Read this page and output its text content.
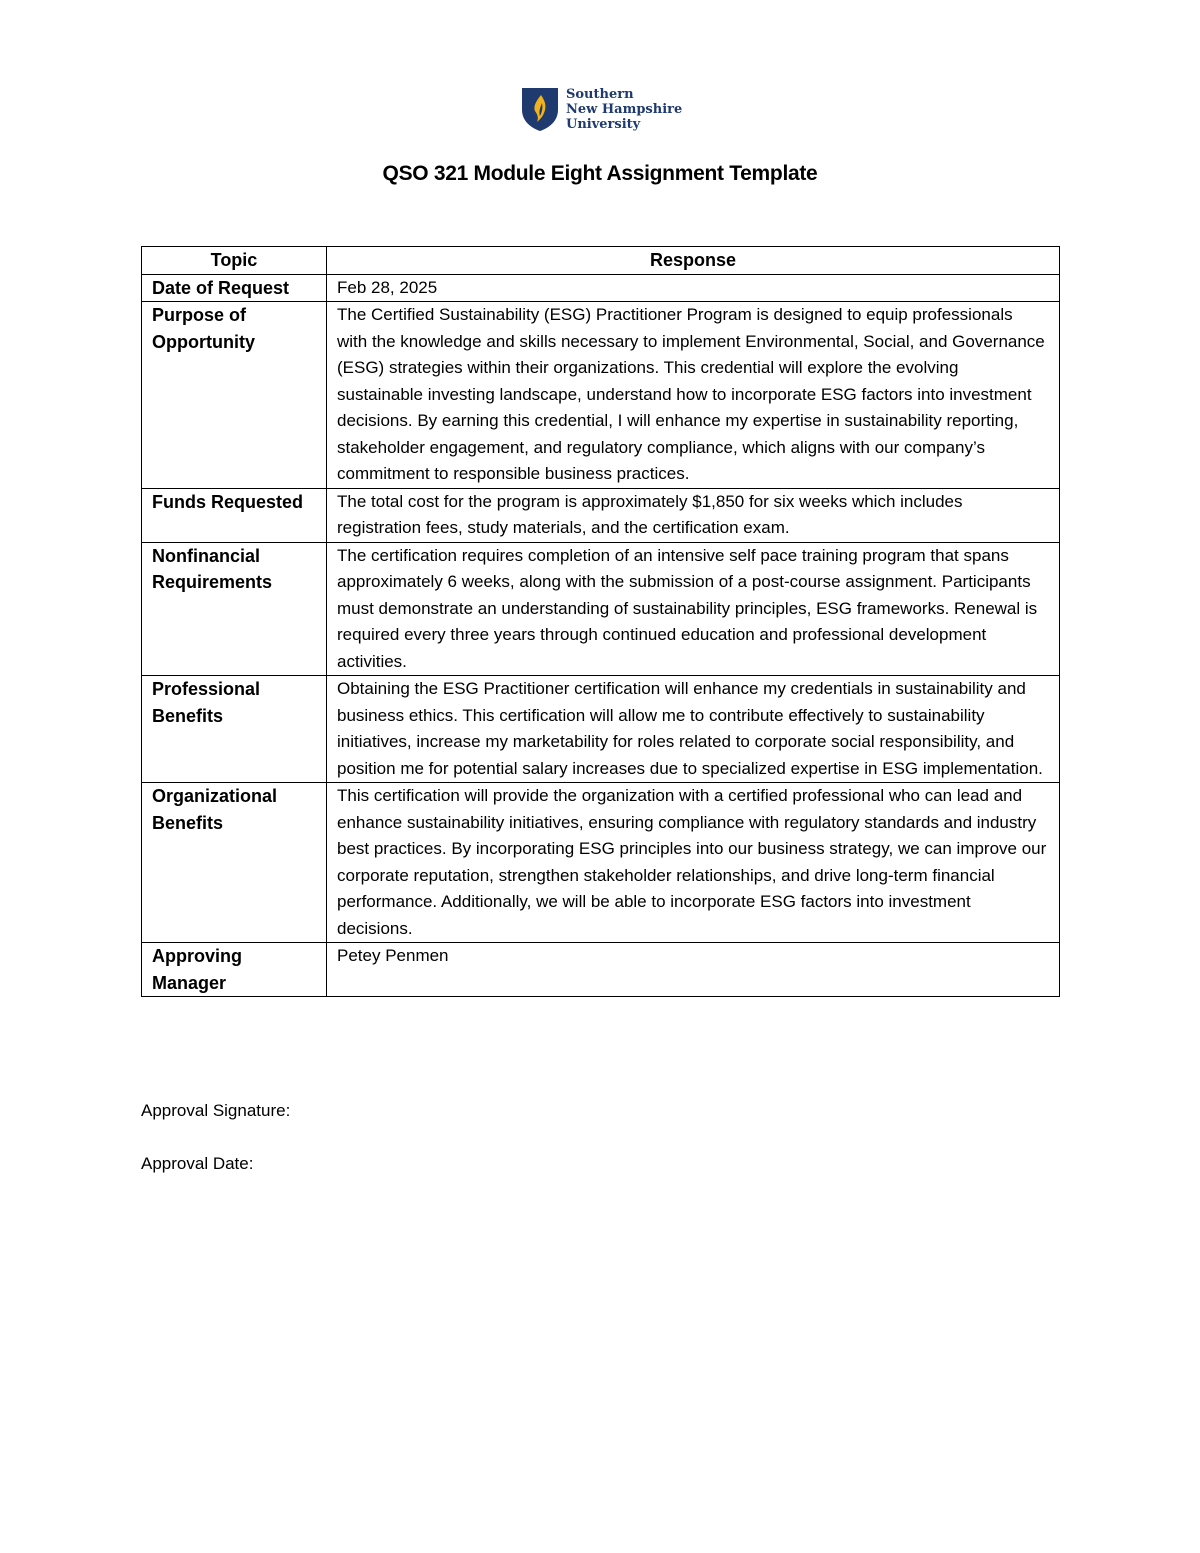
Southern
New Hampshire
University
QSO 321 Module Eight Assignment Template
Topic	Response
Date of Request	Feb 28, 2025
Purpose of Opportunity	The Certified Sustainability (ESG) Practitioner Program is designed to equip professionals with the knowledge and skills necessary to implement Environmental, Social, and Governance (ESG) strategies within their organizations. This credential will explore the evolving sustainable investing landscape, understand how to incorporate ESG factors into investment decisions. By earning this credential, I will enhance my expertise in sustainability reporting, stakeholder engagement, and regulatory compliance, which aligns with our company’s commitment to responsible business practices.
Funds Requested	The total cost for the program is approximately $1,850 for six weeks which includes registration fees, study materials, and the certification exam.
Nonfinancial Requirements	The certification requires completion of an intensive self pace training program that spans approximately 6 weeks, along with the submission of a post-course assignment. Participants must demonstrate an understanding of sustainability principles, ESG frameworks. Renewal is required every three years through continued education and professional development activities.
Professional Benefits	Obtaining the ESG Practitioner certification will enhance my credentials in sustainability and business ethics. This certification will allow me to contribute effectively to sustainability initiatives, increase my marketability for roles related to corporate social responsibility, and position me for potential salary increases due to specialized expertise in ESG implementation.
Organizational Benefits	This certification will provide the organization with a certified professional who can lead and enhance sustainability initiatives, ensuring compliance with regulatory standards and industry best practices. By incorporating ESG principles into our business strategy, we can improve our corporate reputation, strengthen stakeholder relationships, and drive long-term financial performance. Additionally, we will be able to incorporate ESG factors into investment decisions.
Approving Manager	Petey Penmen
Approval Signature:
Approval Date:
